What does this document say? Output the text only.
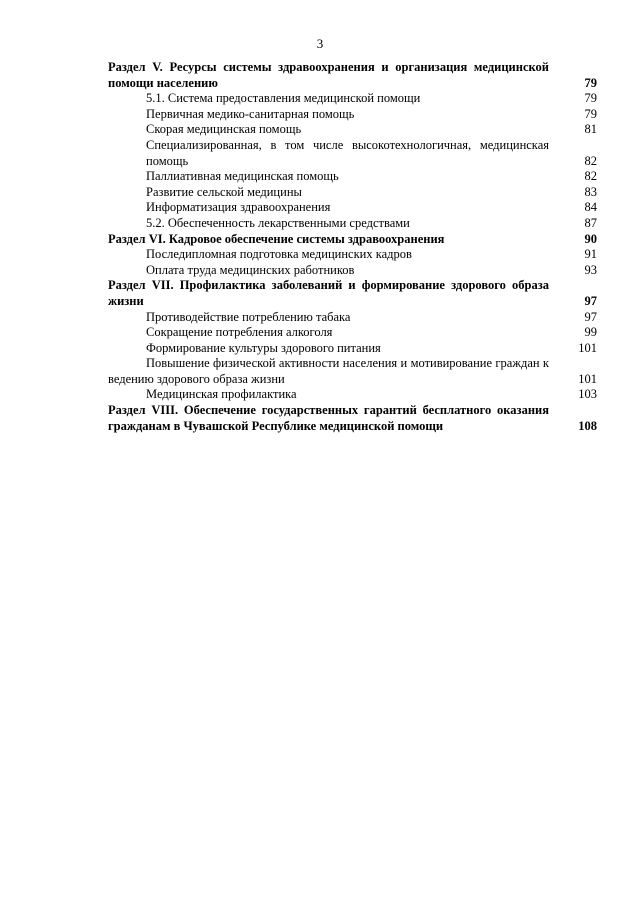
3
Раздел V. Ресурсы системы здравоохранения и организация медицинской помощи населению	79
5.1. Система предоставления медицинской помощи	79
Первичная медико-санитарная помощь	79
Скорая медицинская помощь	81
Специализированная, в том числе высокотехнологичная, медицинская помощь	82
Паллиативная медицинская помощь	82
Развитие сельской медицины	83
Информатизация здравоохранения	84
5.2. Обеспеченность лекарственными средствами	87
Раздел VI. Кадровое обеспечение системы здравоохранения	90
Последипломная подготовка медицинских кадров	91
Оплата труда медицинских работников	93
Раздел VII. Профилактика заболеваний и формирование здорового образа жизни	97
Противодействие потреблению табака	97
Сокращение потребления алкоголя	99
Формирование культуры здорового питания	101
Повышение физической активности населения и мотивирование граждан к ведению здорового образа жизни	101
Медицинская профилактика	103
Раздел VIII. Обеспечение государственных гарантий бесплатного оказания гражданам в Чувашской Республике медицинской помощи	108
